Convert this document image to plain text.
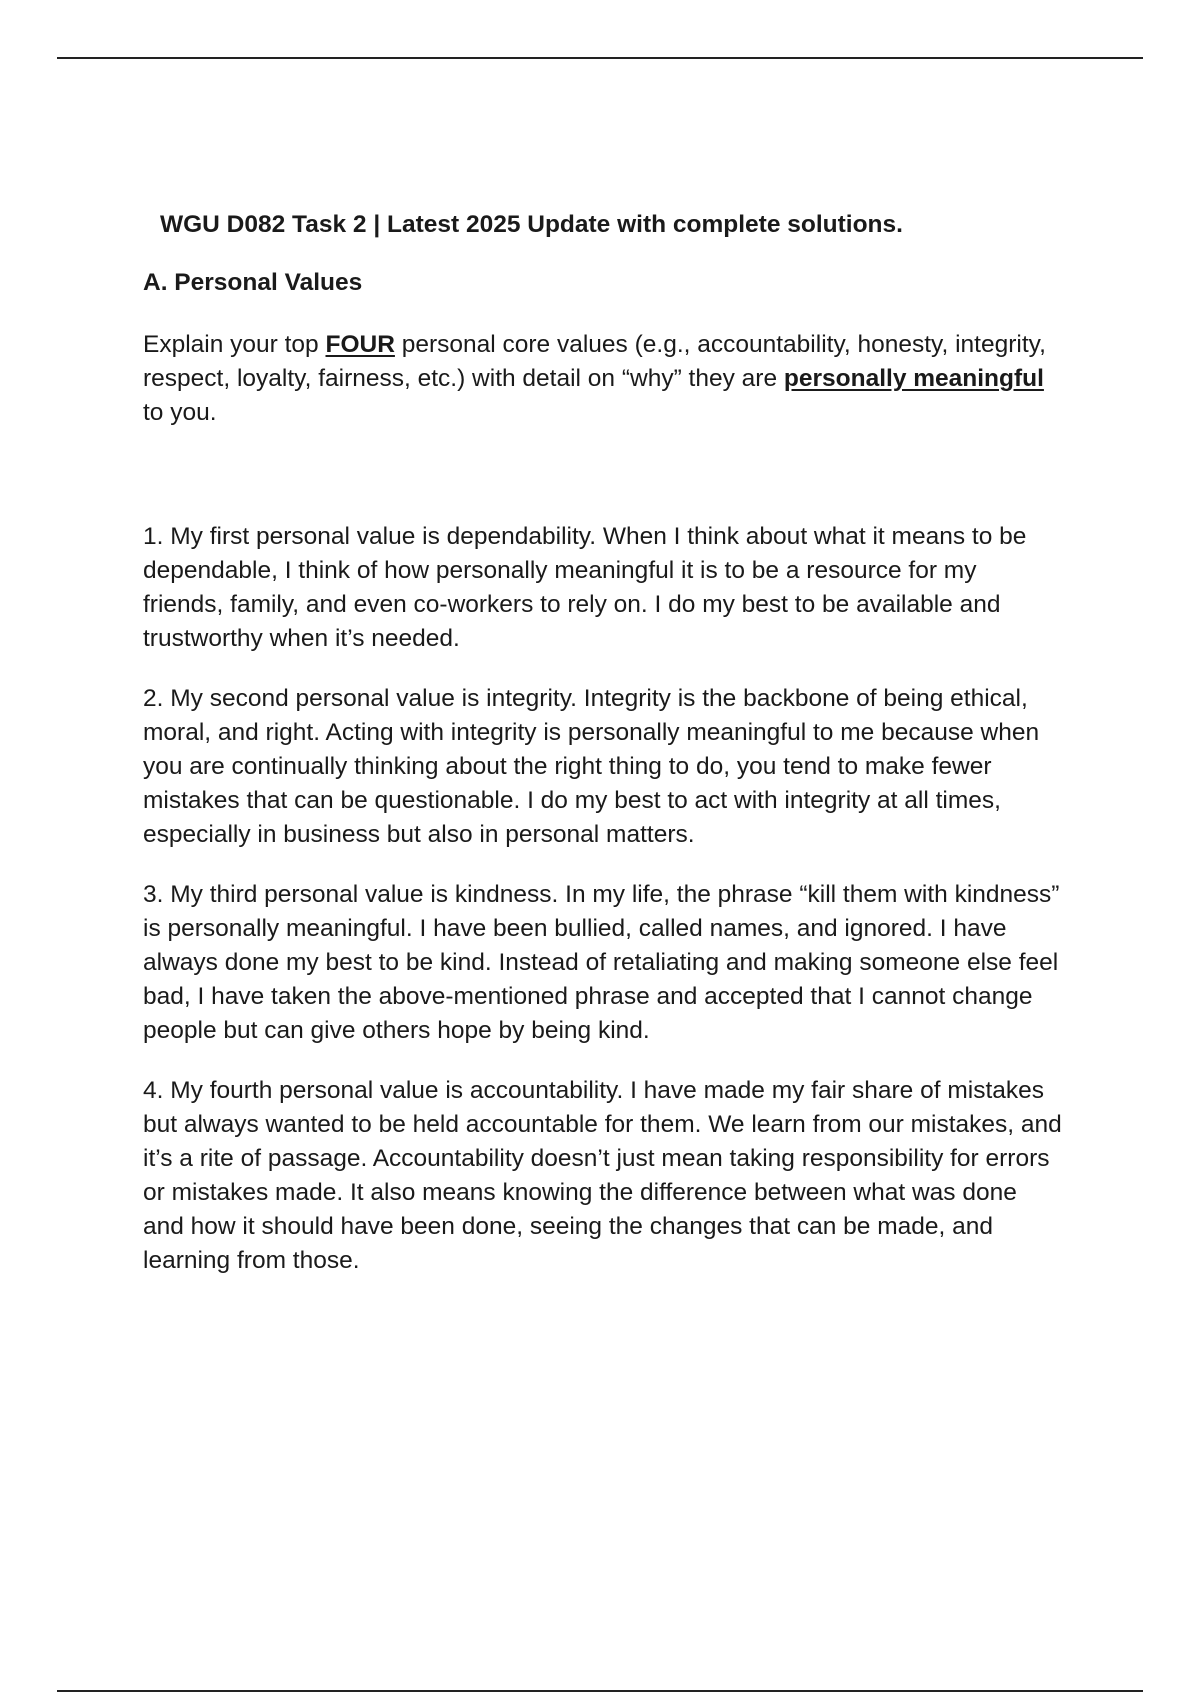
WGU D082 Task 2 | Latest 2025 Update with complete solutions.
A. Personal Values

Explain your top FOUR personal core values (e.g., accountability, honesty, integrity, respect, loyalty, fairness, etc.) with detail on “why” they are personally meaningful to you.

1. My first personal value is dependability. When I think about what it means to be dependable, I think of how personally meaningful it is to be a resource for my friends, family, and even co-workers to rely on. I do my best to be available and trustworthy when it’s needed.

2. My second personal value is integrity. Integrity is the backbone of being ethical, moral, and right. Acting with integrity is personally meaningful to me because when you are continually thinking about the right thing to do, you tend to make fewer mistakes that can be questionable. I do my best to act with integrity at all times, especially in business but also in personal matters.

3. My third personal value is kindness. In my life, the phrase “kill them with kindness” is personally meaningful. I have been bullied, called names, and ignored. I have always done my best to be kind. Instead of retaliating and making someone else feel bad, I have taken the above-mentioned phrase and accepted that I cannot change people but can give others hope by being kind.

4. My fourth personal value is accountability. I have made my fair share of mistakes but always wanted to be held accountable for them. We learn from our mistakes, and it’s a rite of passage. Accountability doesn’t just mean taking responsibility for errors or mistakes made. It also means knowing the difference between what was done and how it should have been done, seeing the changes that can be made, and learning from those.
